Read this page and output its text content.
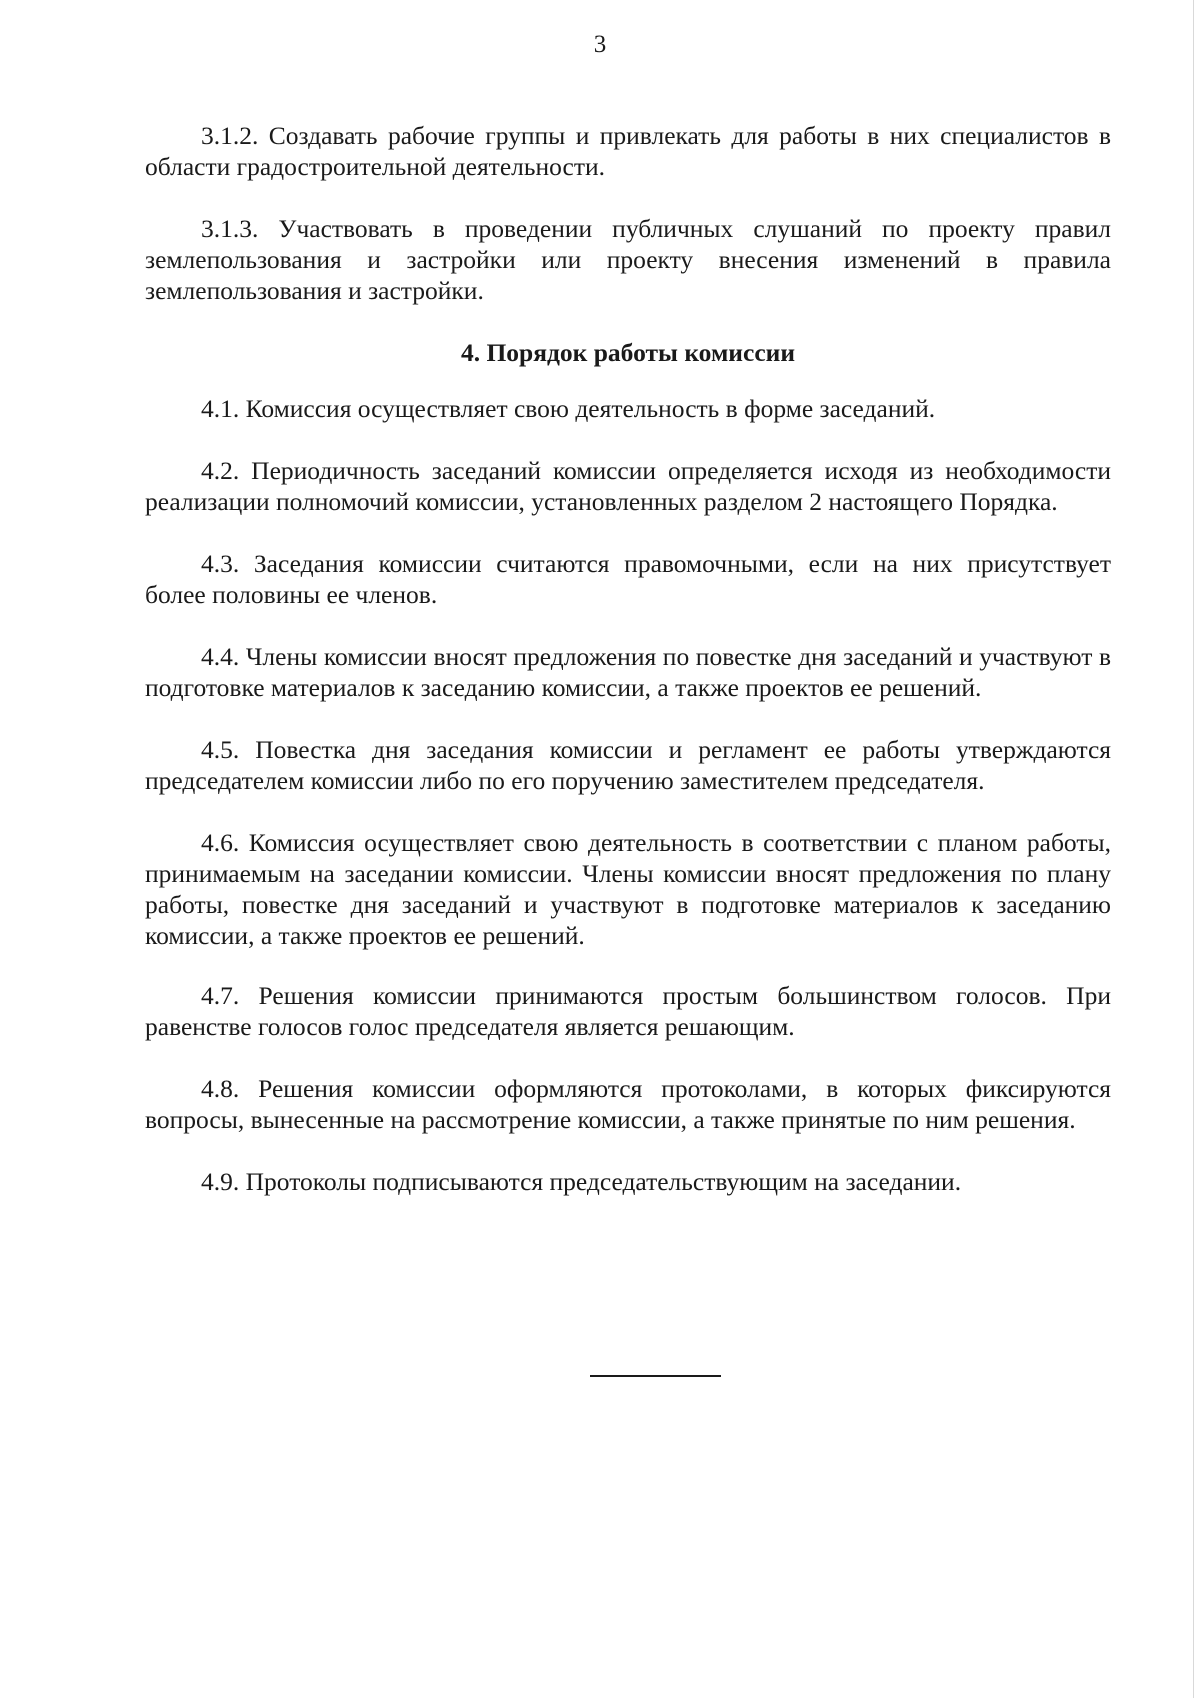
3

3.1.2. Создавать рабочие группы и привлекать для работы в них специалистов в области градостроительной деятельности.

3.1.3. Участвовать в проведении публичных слушаний по проекту правил землепользования и застройки или проекту внесения изменений в правила землепользования и застройки.

4. Порядок работы комиссии

4.1. Комиссия осуществляет свою деятельность в форме заседаний.

4.2. Периодичность заседаний комиссии определяется исходя из необходимости реализации полномочий комиссии, установленных разделом 2 настоящего Порядка.

4.3. Заседания комиссии считаются правомочными, если на них присутствует более половины ее членов.

4.4. Члены комиссии вносят предложения по повестке дня заседаний и участвуют в подготовке материалов к заседанию комиссии, а также проектов ее решений.

4.5. Повестка дня заседания комиссии и регламент ее работы утверждаются председателем комиссии либо по его поручению заместителем председателя.

4.6. Комиссия осуществляет свою деятельность в соответствии с планом работы, принимаемым на заседании комиссии. Члены комиссии вносят предложения по плану работы, повестке дня заседаний и участвуют в подготовке материалов к заседанию комиссии, а также проектов ее решений.

4.7. Решения комиссии принимаются простым большинством голосов. При равенстве голосов голос председателя является решающим.

4.8. Решения комиссии оформляются протоколами, в которых фиксируются вопросы, вынесенные на рассмотрение комиссии, а также принятые по ним решения.

4.9. Протоколы подписываются председательствующим на заседании.
